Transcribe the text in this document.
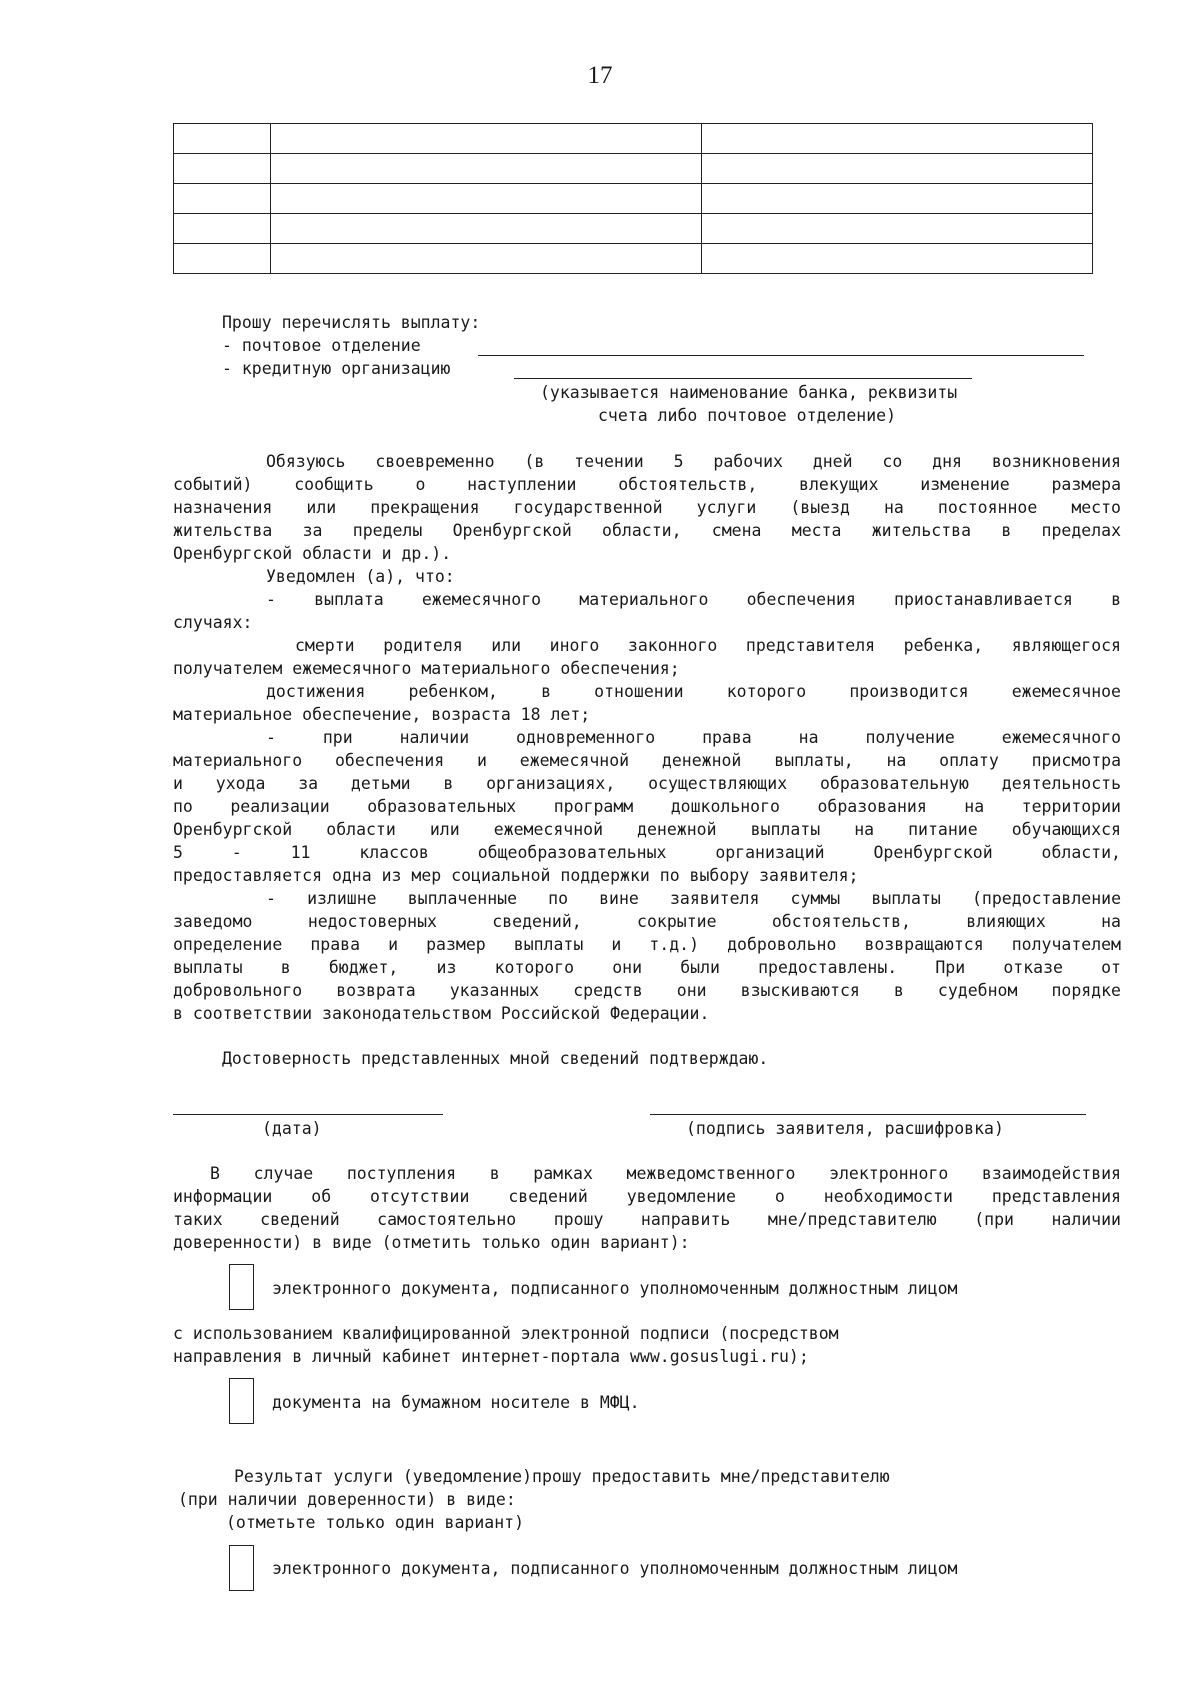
17

Прошу перечислять выплату:
- почтовое отделение
- кредитную организацию
(указывается наименование банка, реквизиты
счета либо почтовое отделение)
Обязуюсь своевременно (в течении 5 рабочих дней со дня возникновения
событий) сообщить о наступлении обстоятельств, влекущих изменение размера
назначения или прекращения государственной услуги (выезд на постоянное место
жительства за пределы Оренбургской области, смена места жительства в пределах
Оренбургской области и др.).
Уведомлен (а), что:
- выплата ежемесячного материального обеспечения приостанавливается в
случаях:
смерти родителя или иного законного представителя ребенка, являющегося
получателем ежемесячного материального обеспечения;
достижения ребенком, в отношении которого производится ежемесячное
материальное обеспечение, возраста 18 лет;
- при наличии одновременного права на получение ежемесячного
материального обеспечения и ежемесячной денежной выплаты, на оплату присмотра
и ухода за детьми в организациях, осуществляющих образовательную деятельность
по реализации образовательных программ дошкольного образования на территории
Оренбургской области или ежемесячной денежной выплаты на питание обучающихся
5 - 11 классов общеобразовательных организаций Оренбургской области,
предоставляется одна из мер социальной поддержки по выбору заявителя;
- излишне выплаченные по вине заявителя суммы выплаты (предоставление
заведомо недостоверных сведений, сокрытие обстоятельств, влияющих на
определение права и размер выплаты и т.д.) добровольно возвращаются получателем
выплаты в бюджет, из которого они были предоставлены. При отказе от
добровольного возврата указанных средств они взыскиваются в судебном порядке
в соответствии законодательством Российской Федерации.
Достоверность представленных мной сведений подтверждаю.
(дата)	(подпись заявителя, расшифровка)
В случае поступления в рамках межведомственного электронного взаимодействия
информации об отсутствии сведений уведомление о необходимости представления
таких сведений самостоятельно прошу направить мне/представителю (при наличии
доверенности) в виде (отметить только один вариант):
электронного документа, подписанного уполномоченным должностным лицом
с использованием квалифицированной электронной подписи (посредством
направления в личный кабинет интернет-портала www.gosuslugi.ru);
документа на бумажном носителе в МФЦ.
Результат услуги (уведомление)прошу предоставить мне/представителю
(при наличии доверенности) в виде:
(отметьте только один вариант)
электронного документа, подписанного уполномоченным должностным лицом
